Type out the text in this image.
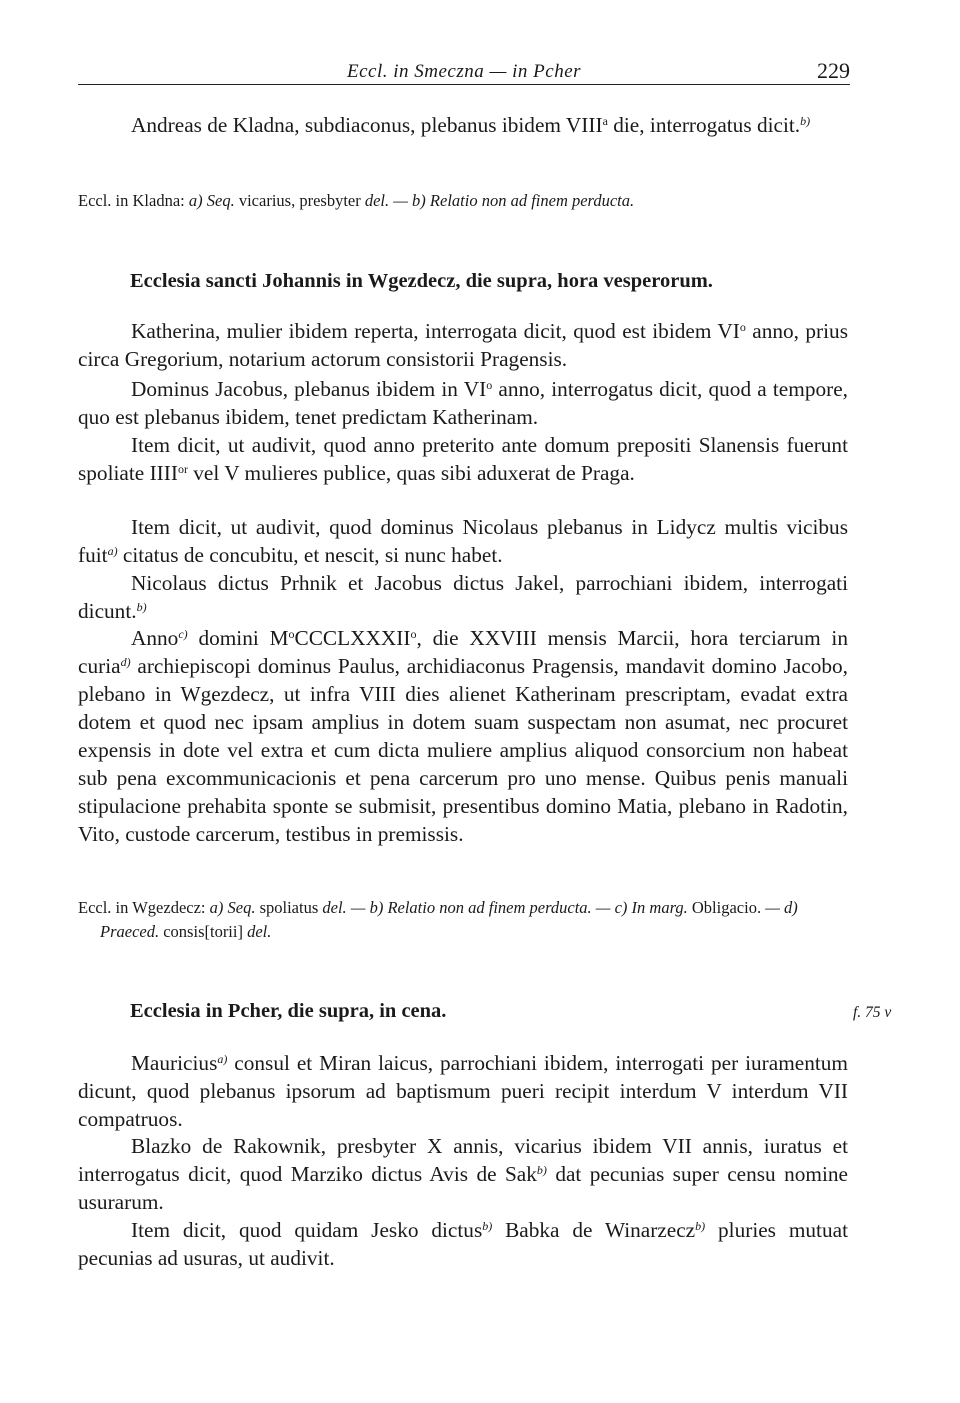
Eccl. in Smeczna — in Pcher	229
Andreas de Kladna, subdiaconus, plebanus ibidem VIII$^a$ die, interrogatus dicit.$^{b)}$
Eccl. in Kladna: a) Seq. vicarius, presbyter del. — b) Relatio non ad finem perducta.
Ecclesia sancti Johannis in Wgezdecz, die supra, hora vesperorum.
Katherina, mulier ibidem reperta, interrogata dicit, quod est ibidem $VI^o$ anno, prius circa Gregorium, notarium actorum consistorii Pragensis.
Dominus Jacobus, plebanus ibidem in $VI^o$ anno, interrogatus dicit, quod a tempore, quo est plebanus ibidem, tenet predictam Katherinam.
Item dicit, ut audivit, quod anno preterito ante domum prepositi Slanensis fuerunt spoliate $IIII^{or}$ vel V mulieres publice, quas sibi aduxerat de Praga.
Item dicit, ut audivit, quod dominus Nicolaus plebanus in Lidycz multis vicibus fuit$^{a)}$ citatus de concubitu, et nescit, si nunc habet.
Nicolaus dictus Prhnik et Jacobus dictus Jakel, parrochiani ibidem, interrogati dicunt.$^{b)}$
Anno$^{c)}$ domini $M^oCCCLXXXII^o$, die XXVIII mensis Marcii, hora terciarum in curia$^{d)}$ archiepiscopi dominus Paulus, archidiaconus Pragensis, mandavit domino Jacobo, plebano in Wgezdecz, ut infra VIII dies alienet Katherinam prescriptam, evadat extra dotem et quod nec ipsam amplius in dotem suam suspectam non asumat, nec procuret expensis in dote vel extra et cum dicta muliere amplius aliquod consorcium non habeat sub pena excommunicacionis et pena carcerum pro uno mense. Quibus penis manuali stipulacione prehabita sponte se submisit, presentibus domino Matia, plebano in Radotin, Vito, custode carcerum, testibus in premissis.
Eccl. in Wgezdecz: a) Seq. spoliatus del. — b) Relatio non ad finem perducta. — c) In marg. Obligacio. — d) Praeced. consis[torii] del.
Ecclesia in Pcher, die supra, in cena.	f. 75 v
Mauricius$^{a)}$ consul et Miran laicus, parrochiani ibidem, interrogati per iuramentum dicunt, quod plebanus ipsorum ad baptismum pueri recipit interdum V interdum VII compatruos.
Blazko de Rakownik, presbyter X annis, vicarius ibidem VII annis, iuratus et interrogatus dicit, quod Marziko dictus Avis de Sak$^{b)}$ dat pecunias super censu nomine usurarum.
Item dicit, quod quidam Jesko dictus$^{b)}$ Babka de Winarzecz$^{b)}$ pluries mutuat pecunias ad usuras, ut audivit.
